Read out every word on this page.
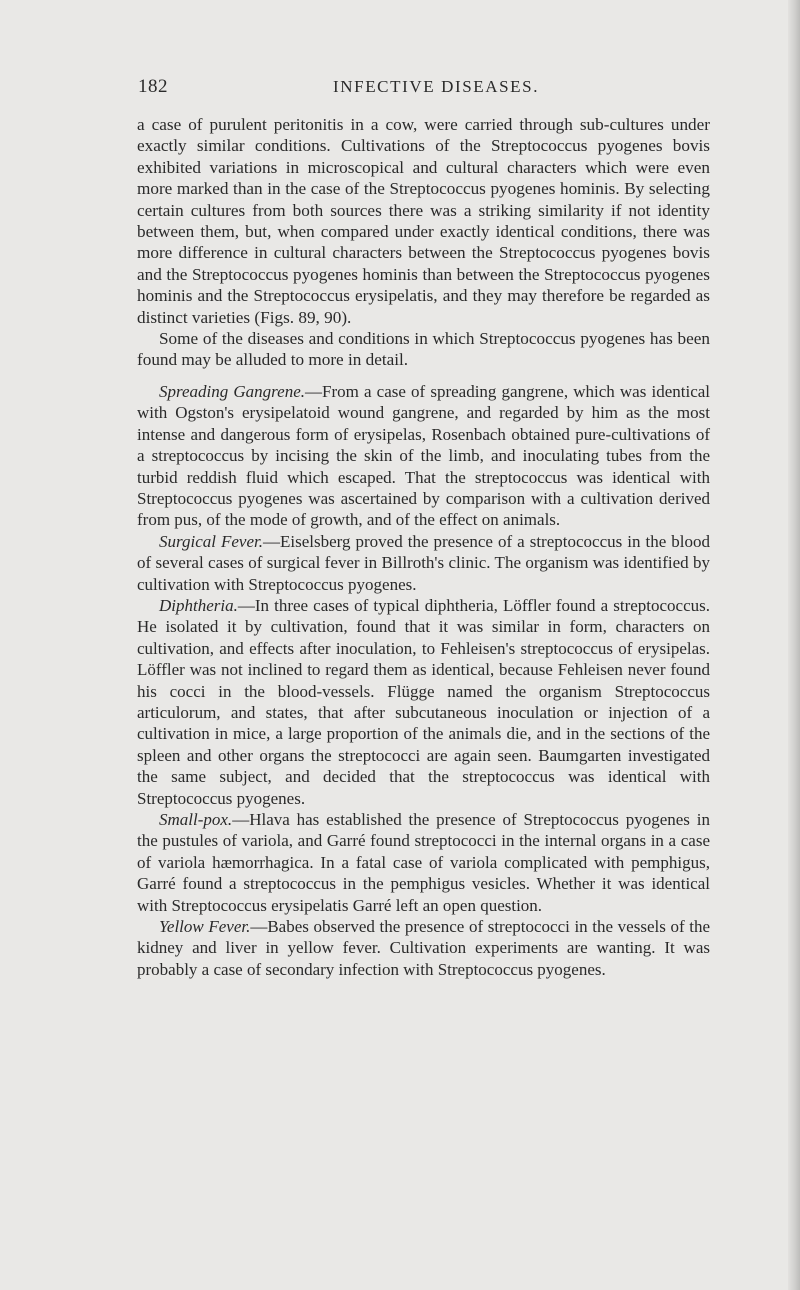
182	INFECTIVE DISEASES.

a case of purulent peritonitis in a cow, were carried through sub-cultures under exactly similar conditions. Cultivations of the Streptococcus pyogenes bovis exhibited variations in microscopical and cultural characters which were even more marked than in the case of the Streptococcus pyogenes hominis. By selecting certain cultures from both sources there was a striking similarity if not identity between them, but, when compared under exactly identical conditions, there was more difference in cultural characters between the Streptococcus pyogenes bovis and the Streptococcus pyogenes hominis than between the Streptococcus pyogenes hominis and the Streptococcus erysipelatis, and they may therefore be regarded as distinct varieties (Figs. 89, 90).

Some of the diseases and conditions in which Streptococcus pyogenes has been found may be alluded to more in detail.

Spreading Gangrene.—From a case of spreading gangrene, which was identical with Ogston's erysipelatoid wound gangrene, and regarded by him as the most intense and dangerous form of erysipelas, Rosenbach obtained pure-cultivations of a streptococcus by incising the skin of the limb, and inoculating tubes from the turbid reddish fluid which escaped. That the streptococcus was identical with Streptococcus pyogenes was ascertained by comparison with a cultivation derived from pus, of the mode of growth, and of the effect on animals.

Surgical Fever.—Eiselsberg proved the presence of a streptococcus in the blood of several cases of surgical fever in Billroth's clinic. The organism was identified by cultivation with Streptococcus pyogenes.

Diphtheria.—In three cases of typical diphtheria, Löffler found a streptococcus. He isolated it by cultivation, found that it was similar in form, characters on cultivation, and effects after inoculation, to Fehleisen's streptococcus of erysipelas. Löffler was not inclined to regard them as identical, because Fehleisen never found his cocci in the blood-vessels. Flügge named the organism Streptococcus articulorum, and states, that after subcutaneous inoculation or injection of a cultivation in mice, a large proportion of the animals die, and in the sections of the spleen and other organs the streptococci are again seen. Baumgarten investigated the same subject, and decided that the streptococcus was identical with Streptococcus pyogenes.

Small-pox.—Hlava has established the presence of Streptococcus pyogenes in the pustules of variola, and Garré found streptococci in the internal organs in a case of variola hæmorrhagica. In a fatal case of variola complicated with pemphigus, Garré found a streptococcus in the pemphigus vesicles. Whether it was identical with Streptococcus erysipelatis Garré left an open question.

Yellow Fever.—Babes observed the presence of streptococci in the vessels of the kidney and liver in yellow fever. Cultivation experiments are wanting. It was probably a case of secondary infection with Streptococcus pyogenes.
